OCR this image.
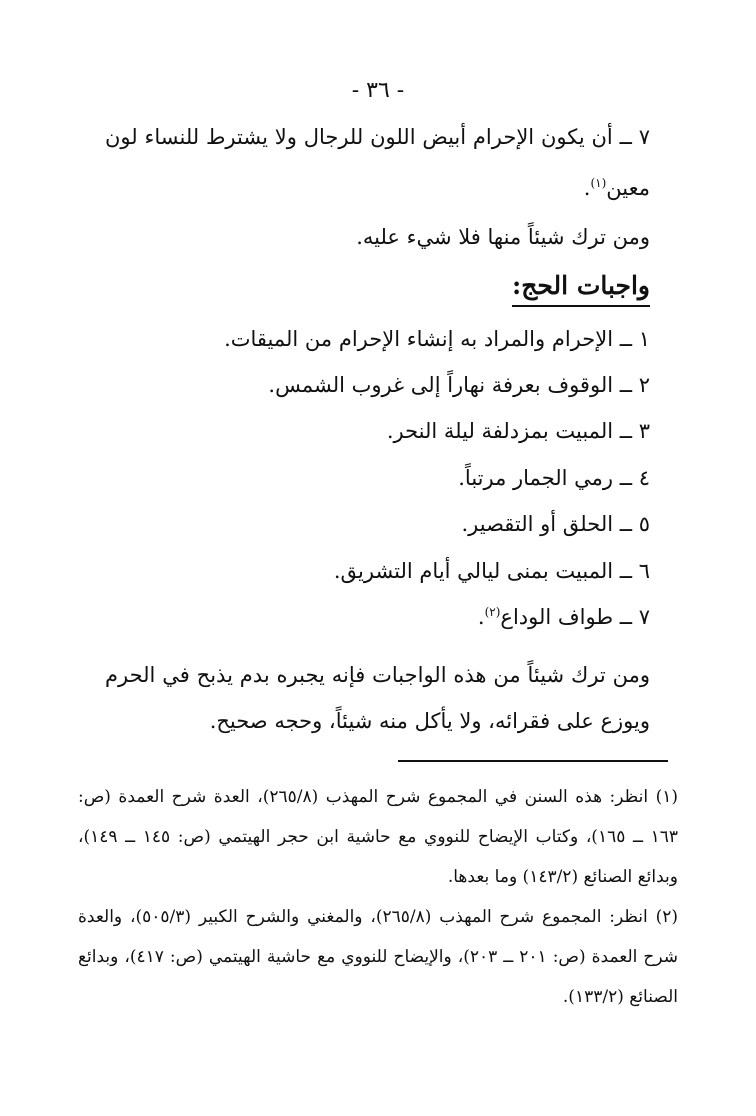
- ٣٦ -

٧ ــ أن يكون الإحرام أبيض اللون للرجال ولا يشترط للنساء لون معين$^{(١)}$.

ومن ترك شيئاً منها فلا شيء عليه.
واجبات الحج:
١ ــ الإحرام والمراد به إنشاء الإحرام من الميقات.
٢ ــ الوقوف بعرفة نهاراً إلى غروب الشمس.
٣ ــ المبيت بمزدلفة ليلة النحر.
٤ ــ رمي الجمار مرتباً.
٥ ــ الحلق أو التقصير.
٦ ــ المبيت بمنى ليالي أيام التشريق.
٧ ــ طواف الوداع$^{(٢)}$.

ومن ترك شيئاً من هذه الواجبات فإنه يجبره بدم يذبح في الحرم ويوزع على فقرائه، ولا يأكل منه شيئاً، وحجه صحيح.

(١) انظر: هذه السنن في المجموع شرح المهذب (٢٦٥/٨)، العدة شرح العمدة (ص: ١٦٣ ــ ١٦٥)، وكتاب الإيضاح للنووي مع حاشية ابن حجر الهيتمي (ص: ١٤٥ ــ ١٤٩)، وبدائع الصنائع (١٤٣/٢) وما بعدها.

(٢) انظر: المجموع شرح المهذب (٢٦٥/٨)، والمغني والشرح الكبير (٥٠٥/٣)، والعدة شرح العمدة (ص: ٢٠١ ــ ٢٠٣)، والإيضاح للنووي مع حاشية الهيتمي (ص: ٤١٧)، وبدائع الصنائع (١٣٣/٢).
